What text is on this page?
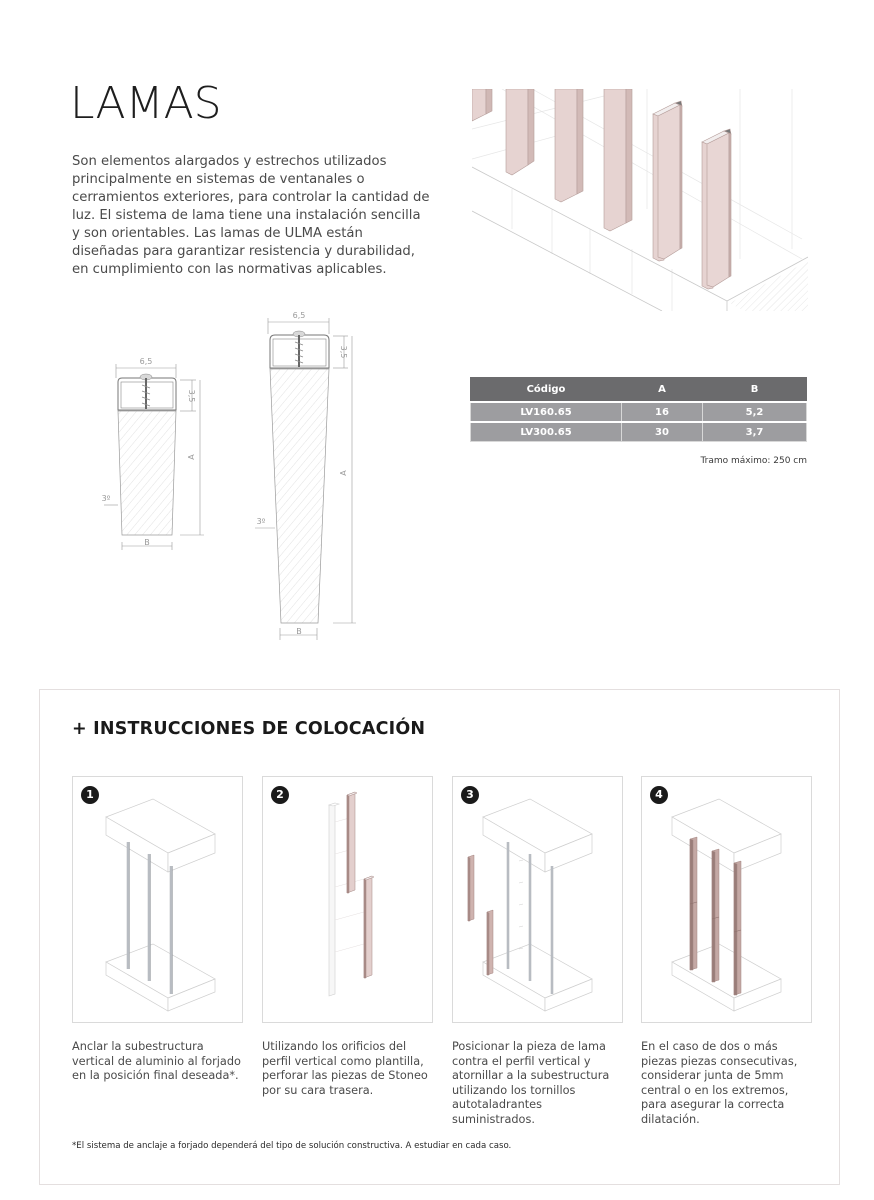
LAMAS
Son elementos alargados y estrechos utilizados principalmente en sistemas de ventanales o cerramientos exteriores, para controlar la cantidad de luz. El sistema de lama tiene una instalación sencilla y son orientables. Las lamas de ULMA están diseñadas para garantizar resistencia y durabilidad, en cumplimiento con las normativas aplicables.
6,5
3,5
A
B
3º
6,5
3,5
A
B
3º
Código	A	B
LV160.65	16	5,2
LV300.65	30	3,7
Tramo máximo: 250 cm
+ INSTRUCCIONES DE COLOCACIÓN
1	2	3	4
Anclar la subestructura vertical de aluminio al forjado en la posición final deseada*.
Utilizando los orificios del perfil vertical como plantilla, perforar las piezas de Stoneo por su cara trasera.
Posicionar la pieza de lama contra el perfil vertical y atornillar a la subestructura utilizando los tornillos autotaladrantes suministrados.
En el caso de dos o más piezas piezas consecutivas, considerar junta de 5mm central o en los extremos, para asegurar la correcta dilatación.
*El sistema de anclaje a forjado dependerá del tipo de solución constructiva. A estudiar en cada caso.
